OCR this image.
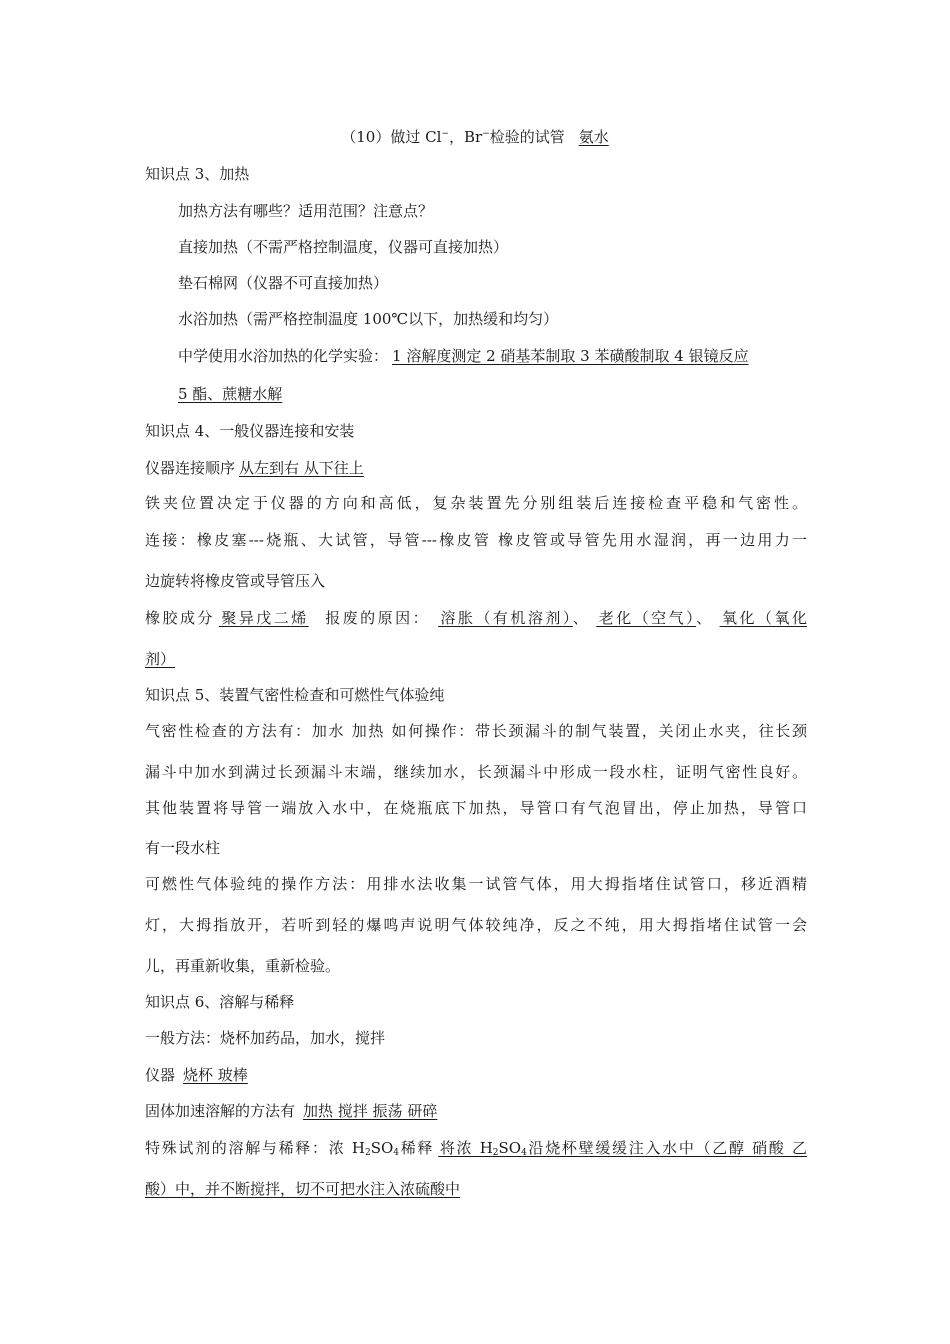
（10）做过 Cl−，Br−检验的试管 氨水
知识点 3、加热
加热方法有哪些？适用范围？注意点？
直接加热（不需严格控制温度，仪器可直接加热）
垫石棉网（仪器不可直接加热）
水浴加热（需严格控制温度 100℃以下，加热缓和均匀）
中学使用水浴加热的化学实验： 1 溶解度测定 2 硝基苯制取 3 苯磺酸制取 4 银镜反应
5 酯、蔗糖水解
知识点 4、一般仪器连接和安装
仪器连接顺序 从左到右 从下往上
铁夹位置决定于仪器的方向和高低，复杂装置先分别组装后连接检查平稳和气密性。
连接：橡皮塞---烧瓶、大试管，导管---橡皮管 橡皮管或导管先用水湿润，再一边用力一
边旋转将橡皮管或导管压入
橡胶成分 聚异戊二烯 报废的原因： 溶胀（有机溶剂）、 老化（空气）、 氧化（氧化
剂）
知识点 5、装置气密性检查和可燃性气体验纯
气密性检查的方法有：加水 加热 如何操作：带长颈漏斗的制气装置，关闭止水夹，往长颈
漏斗中加水到满过长颈漏斗末端，继续加水，长颈漏斗中形成一段水柱，证明气密性良好。
其他装置将导管一端放入水中，在烧瓶底下加热，导管口有气泡冒出，停止加热，导管口
有一段水柱
可燃性气体验纯的操作方法：用排水法收集一试管气体，用大拇指堵住试管口，移近酒精
灯，大拇指放开，若听到轻的爆鸣声说明气体较纯净，反之不纯，用大拇指堵住试管一会
儿，再重新收集，重新检验。
知识点 6、溶解与稀释
一般方法：烧杯加药品，加水，搅拌
仪器 烧杯 玻棒
固体加速溶解的方法有 加热 搅拌 振荡 研碎
特殊试剂的溶解与稀释：浓 $H_2SO_4$稀释 将浓 $H_2SO_4$沿烧杯壁缓缓注入水中（乙醇 硝酸 乙
酸）中，并不断搅拌，切不可把水注入浓硫酸中
